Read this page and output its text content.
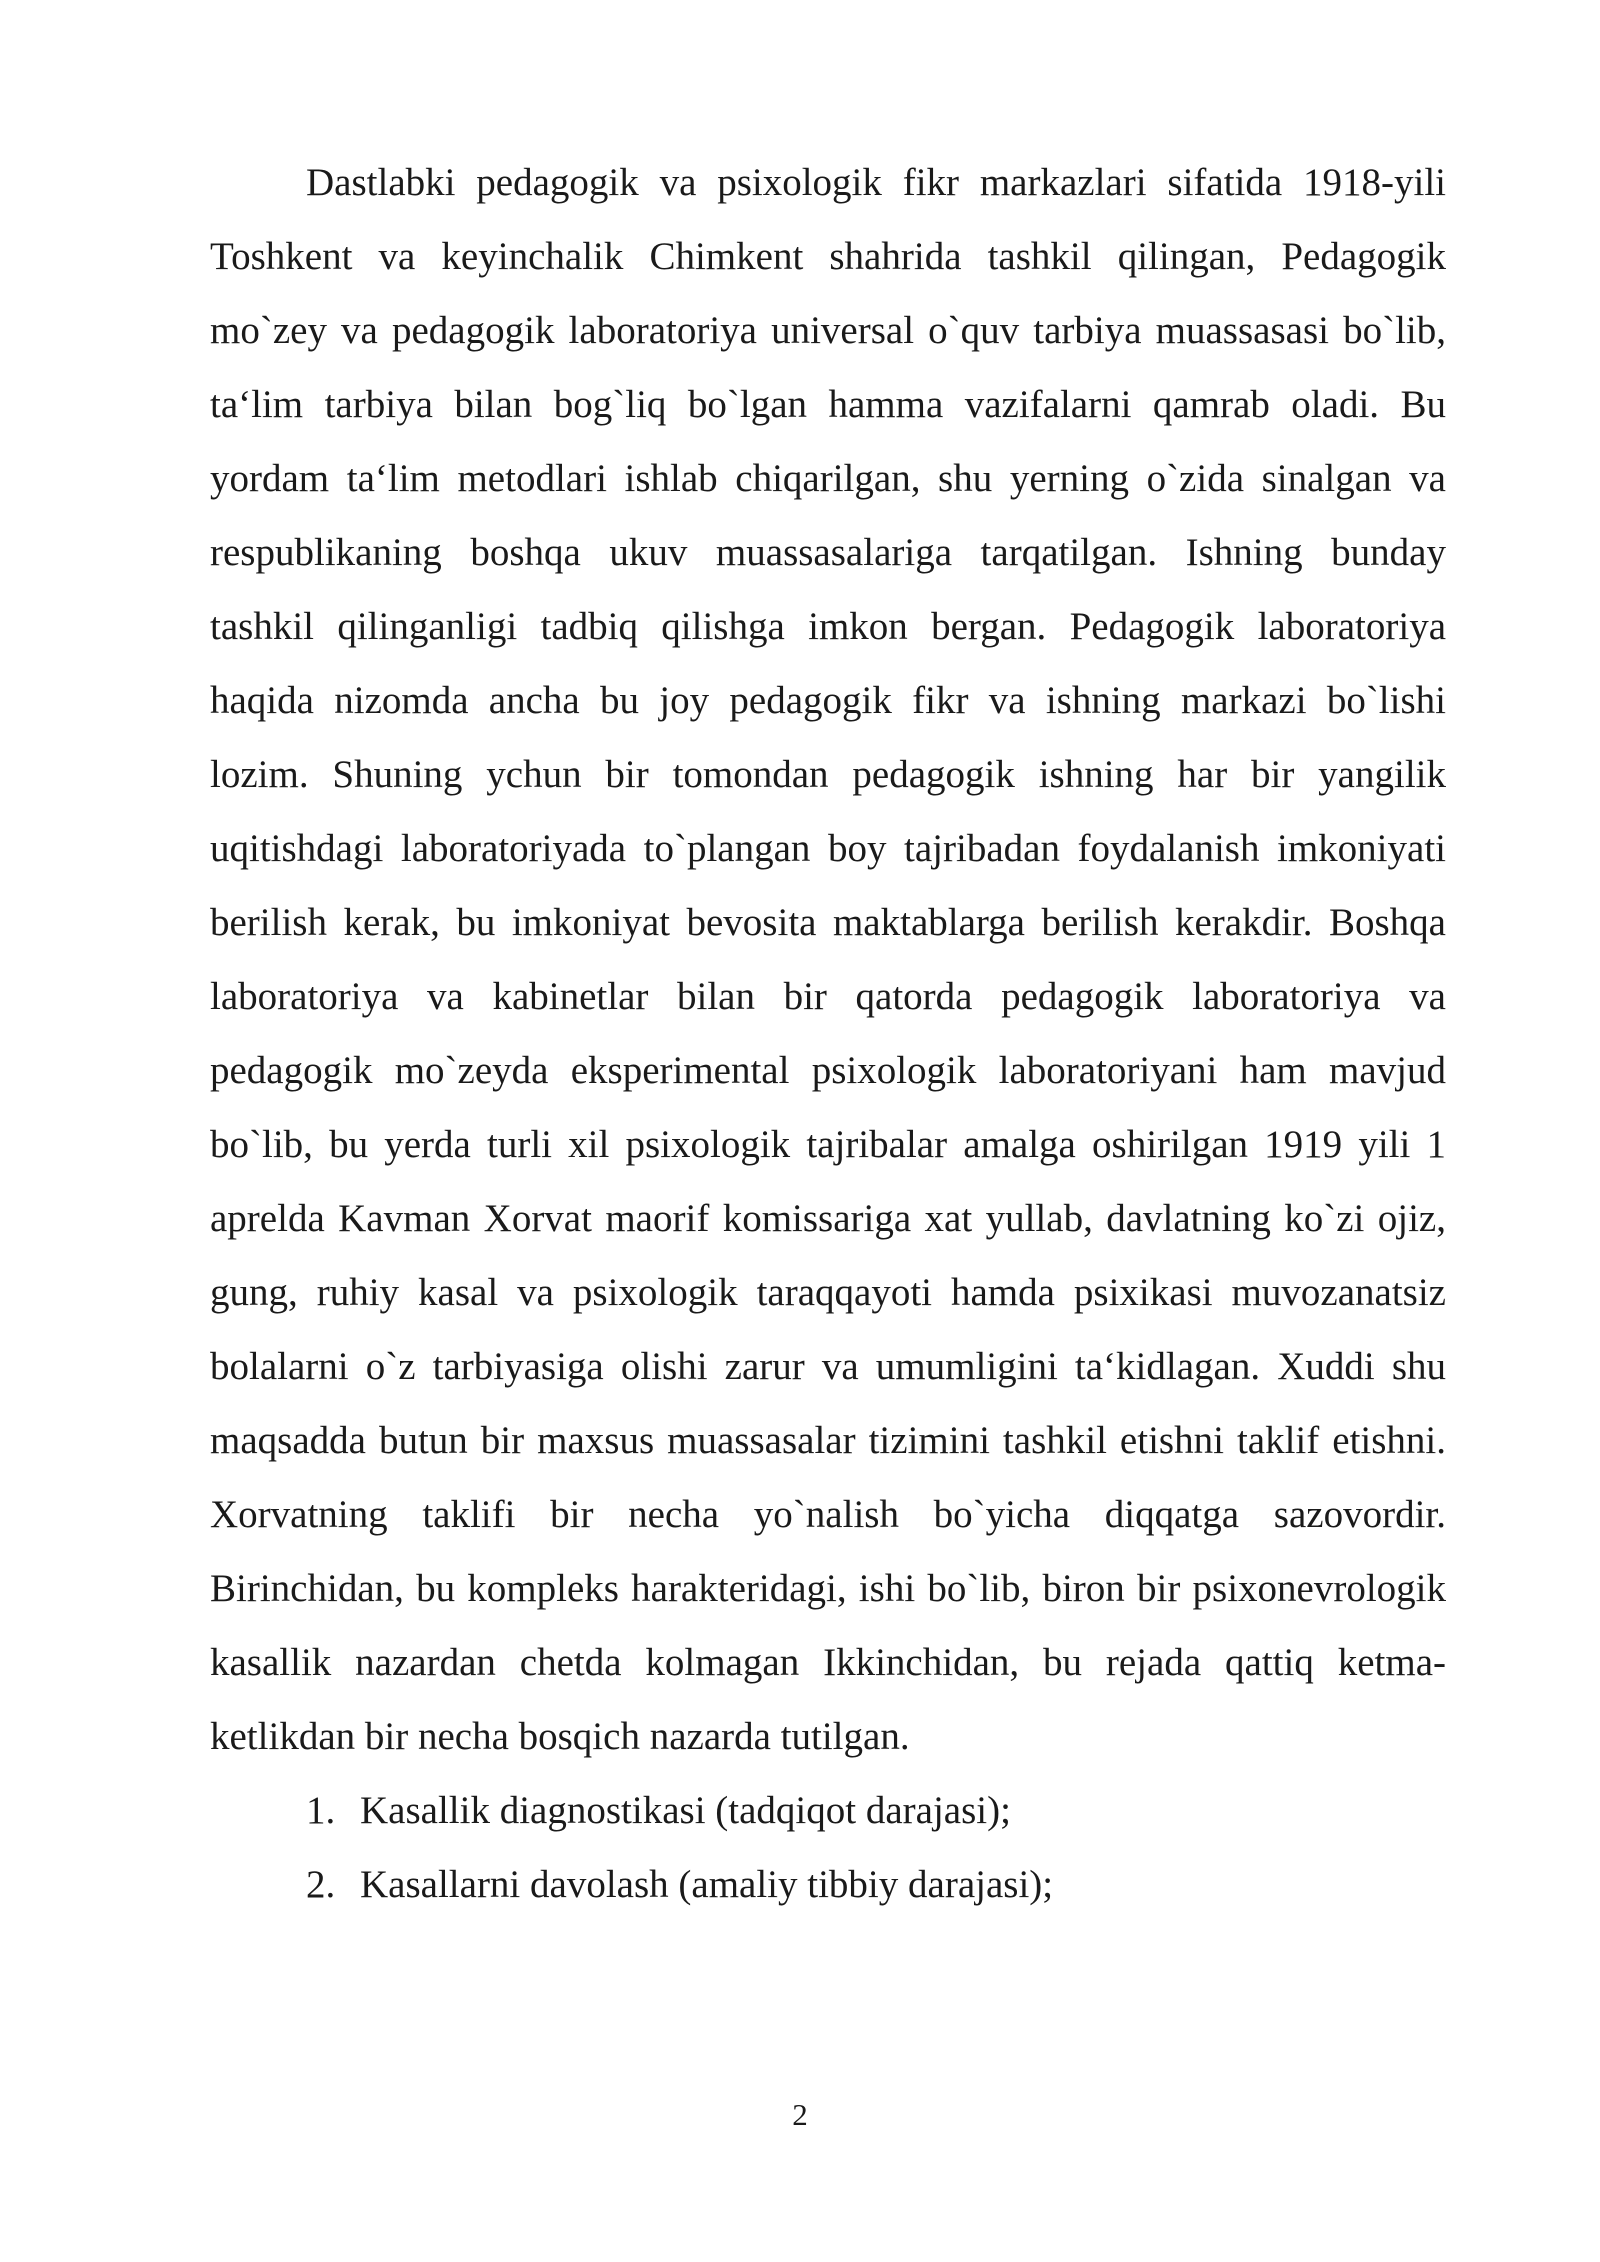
Dastlabki pedagogik va psixologik fikr markazlari sifatida 1918-yili Toshkent va keyinchalik Chimkent shahrida tashkil qilingan, Pedagogik mo`zey va pedagogik laboratoriya universal o`quv tarbiya muassasasi bo`lib, ta‘lim tarbiya bilan bog`liq bo`lgan hamma vazifalarni qamrab oladi. Bu yordam ta‘lim metodlari ishlab chiqarilgan, shu yerning o`zida sinalgan va respublikaning boshqa ukuv muassasalariga tarqatilgan. Ishning bunday tashkil qilinganligi tadbiq qilishga imkon bergan. Pedagogik laboratoriya haqida nizomda ancha bu joy pedagogik fikr va ishning markazi bo`lishi lozim. Shuning ychun bir tomondan pedagogik ishning har bir yangilik uqitishdagi laboratoriyada to`plangan boy tajribadan foydalanish imkoniyati berilish kerak, bu imkoniyat bevosita maktablarga berilish kerakdir. Boshqa laboratoriya va kabinetlar bilan bir qatorda pedagogik laboratoriya va pedagogik mo`zeyda eksperimental psixologik laboratoriyani ham mavjud bo`lib, bu yerda turli xil psixologik tajribalar amalga oshirilgan 1919 yili 1 aprelda Kavman Xorvat maorif komissariga xat yullab, davlatning ko`zi ojiz, gung, ruhiy kasal va psixologik taraqqayoti hamda psixikasi muvozanatsiz bolalarni o`z tarbiyasiga olishi zarur va umumligini ta‘kidlagan. Xuddi shu maqsadda butun bir maxsus muassasalar tizimini tashkil etishni taklif etishni. Xorvatning taklifi bir necha yo`nalish bo`yicha diqqatga sazovordir. Birinchidan, bu kompleks harakteridagi, ishi bo`lib, biron bir psixonevrologik kasallik nazardan chetda kolmagan Ikkinchidan, bu rejada qattiq ketma-ketlikdan bir necha bosqich nazarda tutilgan.

1. Kasallik diagnostikasi (tadqiqot darajasi);
2. Kasallarni davolash (amaliy tibbiy darajasi);
2
